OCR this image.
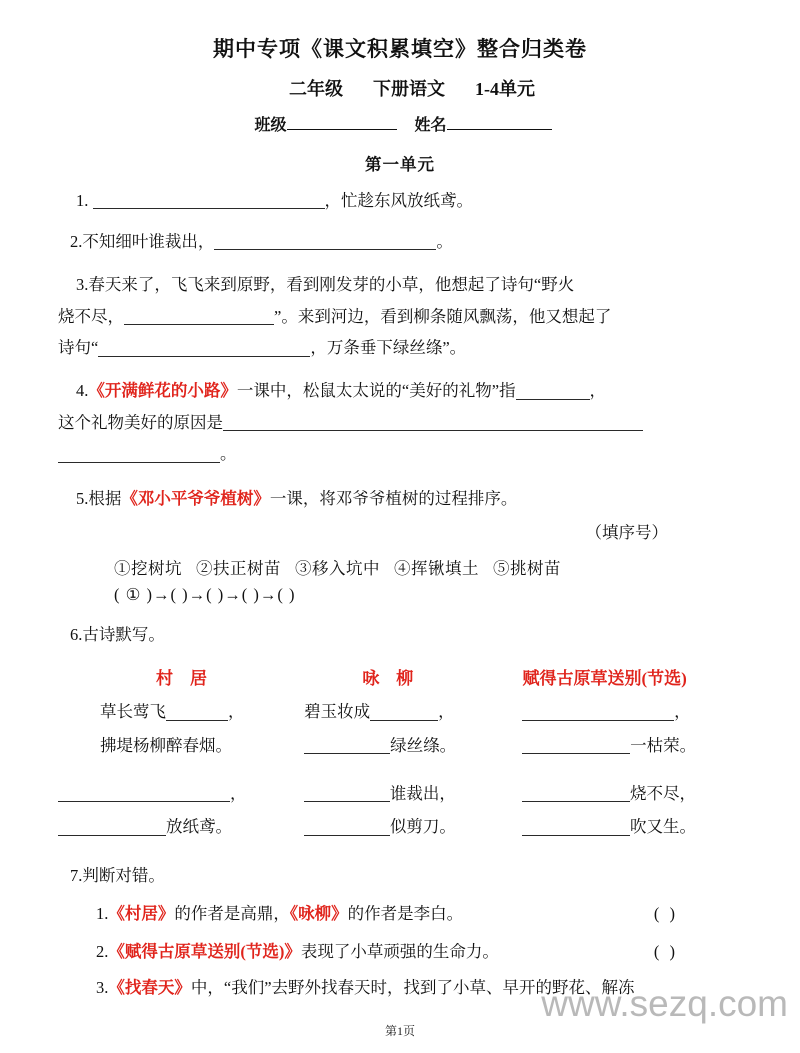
期中专项《课文积累填空》整合归类卷
二年级 下册语文 1-4单元
班级	姓名
第一单元
1.	，忙趁东风放纸鸢。
2.不知细叶谁裁出，	。
3.春天来了，飞飞来到原野，看到刚发芽的小草，他想起了诗句“野火
烧不尽，	”。来到河边，看到柳条随风飘荡，他又想起了
诗句“	，万条垂下绿丝绦”。
4.《开满鲜花的小路》一课中，松鼠太太说的“美好的礼物”指	，
这个礼物美好的原因是
。
5.根据《邓小平爷爷植树》一课，将邓爷爷植树的过程排序。
（填序号）
①挖树坑 ②扶正树苗 ③移入坑中 ④挥锹填土 ⑤挑树苗
( ① )→( )→( )→( )→( )
6.古诗默写。
村　居	咏　柳	赋得古原草送别(节选)
草长莺飞	，	碧玉妆成	，	，
拂堤杨柳醉春烟。	绿丝绦。	一枯荣。
，	谁裁出，	烧不尽，
放纸鸢。	似剪刀。	吹又生。
7.判断对错。
1.《村居》的作者是高鼎，《咏柳》的作者是李白。	( )
2.《赋得古原草送别(节选)》表现了小草顽强的生命力。	( )
3.《找春天》中，“我们”去野外找春天时，找到了小草、早开的野花、解冻
www.sezq.com
第1页
